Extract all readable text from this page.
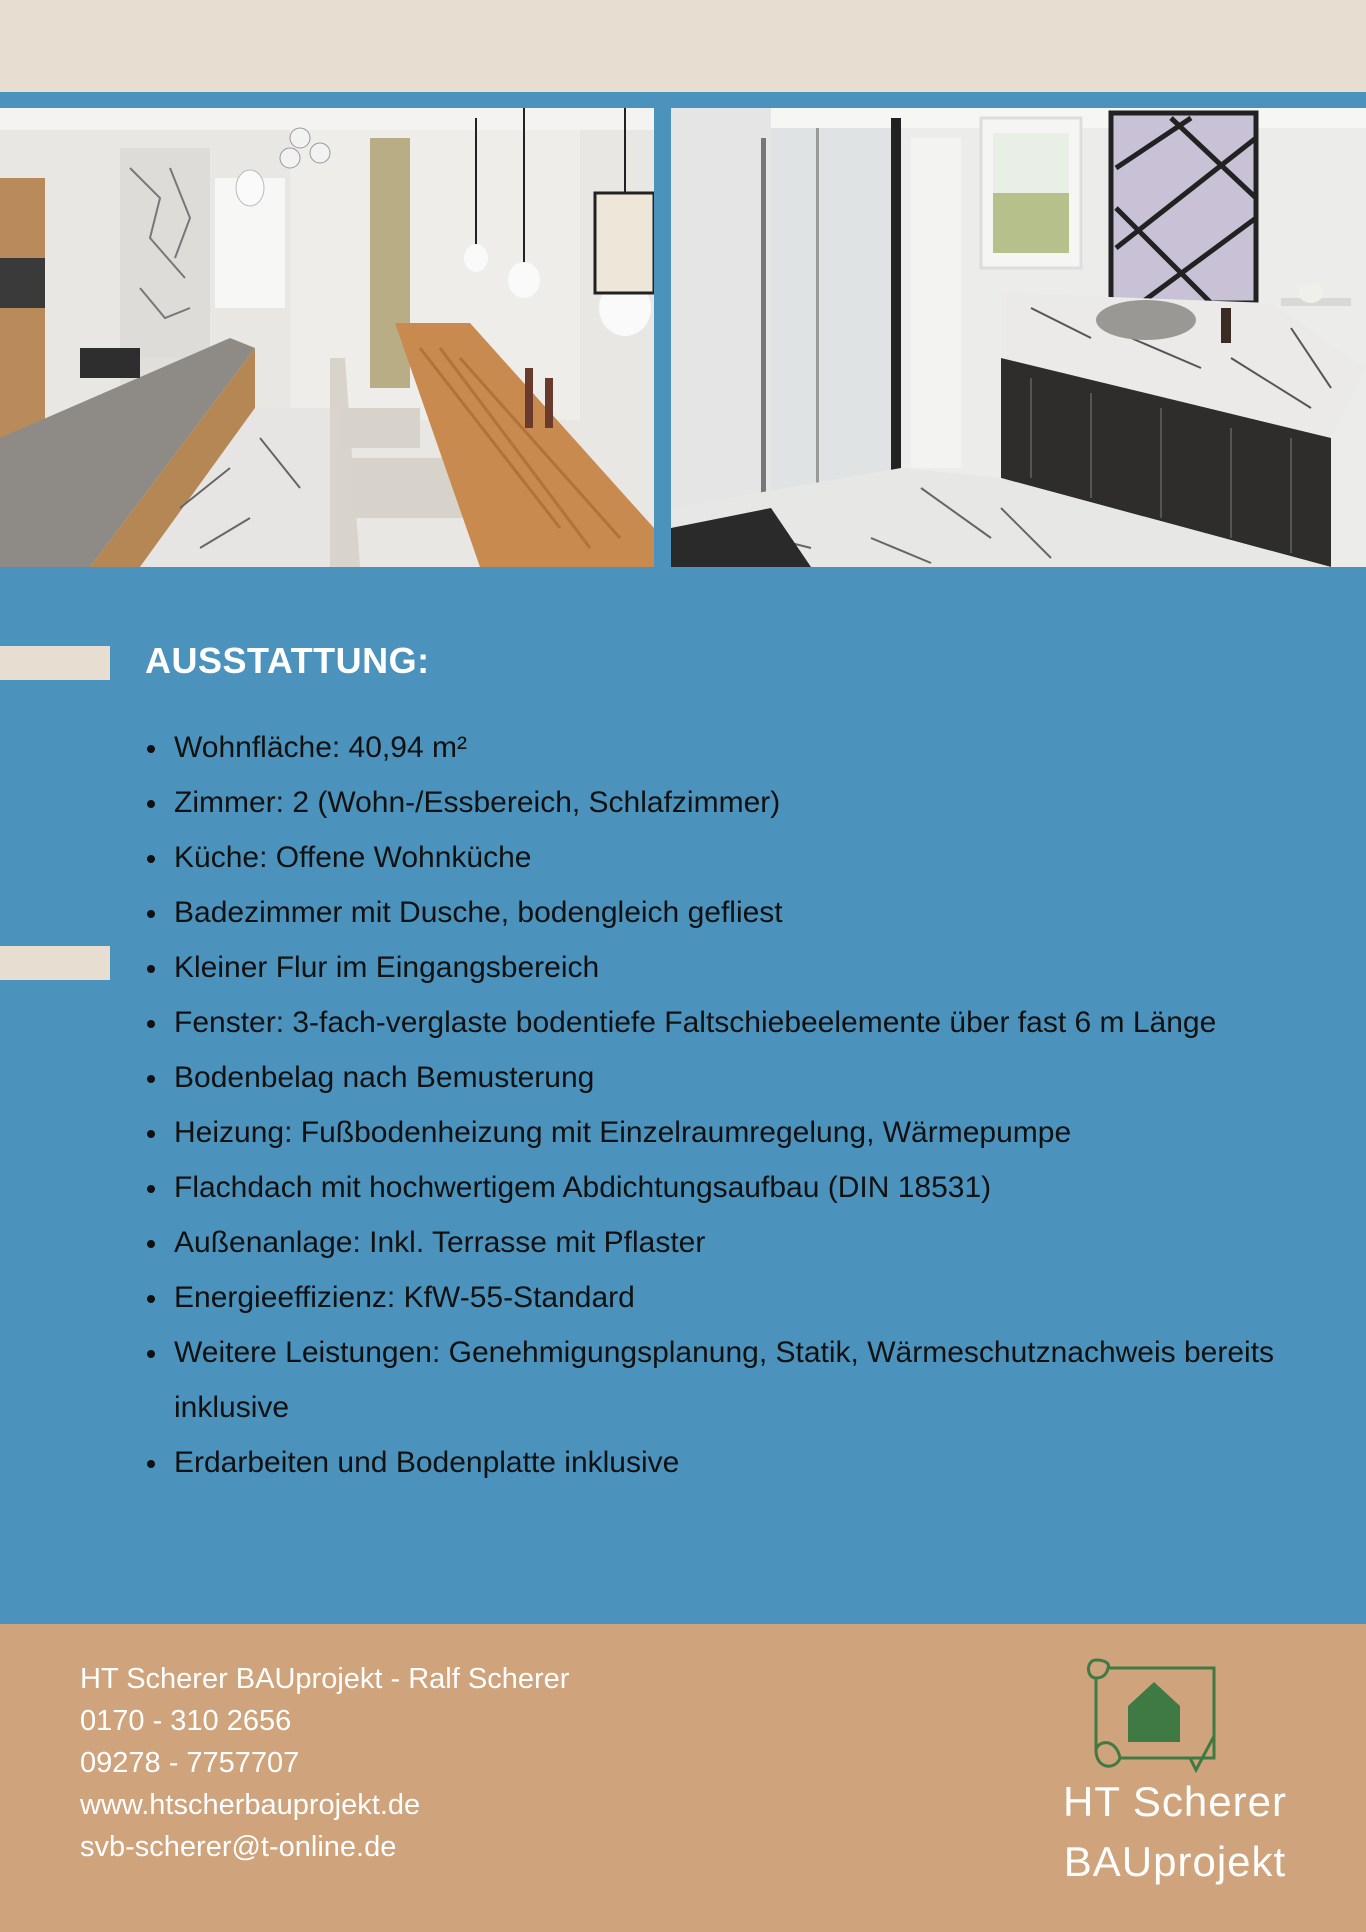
AUSSTATTUNG:
• Wohnfläche: 40,94 m²
• Zimmer: 2 (Wohn-/Essbereich, Schlafzimmer)
• Küche: Offene Wohnküche
• Badezimmer mit Dusche, bodengleich gefliest
• Kleiner Flur im Eingangsbereich
• Fenster: 3-fach-verglaste bodentiefe Faltschiebeelemente über fast 6 m Länge
• Bodenbelag nach Bemusterung
• Heizung: Fußbodenheizung mit Einzelraumregelung, Wärmepumpe
• Flachdach mit hochwertigem Abdichtungsaufbau (DIN 18531)
• Außenanlage: Inkl. Terrasse mit Pflaster
• Energieeffizienz: KfW-55-Standard
• Weitere Leistungen: Genehmigungsplanung, Statik, Wärmeschutznachweis bereits inklusive
• Erdarbeiten und Bodenplatte inklusive
HT Scherer BAUprojekt - Ralf Scherer
0170 - 310 2656
09278 - 7757707
www.htscherbauprojekt.de
svb-scherer@t-online.de
HT Scherer
BAUprojekt
